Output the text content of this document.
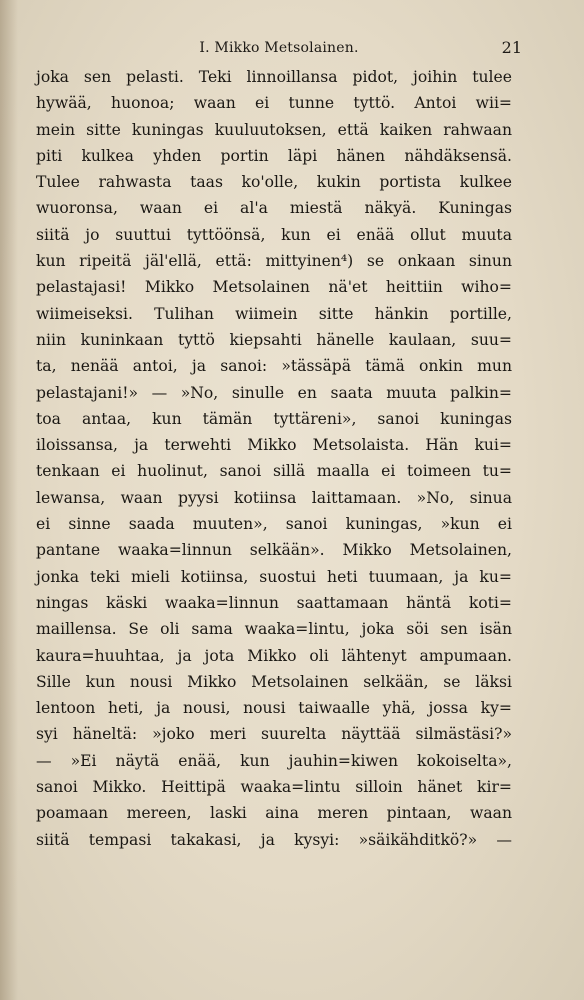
I. Mikko Metsolainen.	21
joka sen pelasti. Teki linnoillansa pidot, joihin tulee
hywää, huonoa; waan ei tunne tyttö. Antoi wii=
mein sitte kuningas kuuluutoksen, että kaiken rahwaan
piti kulkea yhden portin läpi hänen nähdäksensä.
Tulee rahwasta taas ko'olle, kukin portista kulkee
wuoronsa, waan ei al'a miestä näkyä. Kuningas
siitä jo suuttui tyttöönsä, kun ei enää ollut muuta
kun ripeitä jäl'ellä, että: mittyinen⁴) se onkaan sinun
pelastajasi! Mikko Metsolainen nä'et heittiin wiho=
wiimeiseksi. Tulihan wiimein sitte hänkin portille,
niin kuninkaan tyttö kiepsahti hänelle kaulaan, suu=
ta, nenää antoi, ja sanoi: »tässäpä tämä onkin mun
pelastajani!» — »No, sinulle en saata muuta palkin=
toa antaa, kun tämän tyttäreni», sanoi kuningas
iloissansa, ja terwehti Mikko Metsolaista. Hän kui=
tenkaan ei huolinut, sanoi sillä maalla ei toimeen tu=
lewansa, waan pyysi kotiinsa laittamaan. »No, sinua
ei sinne saada muuten», sanoi kuningas, »kun ei
pantane waaka=linnun selkään». Mikko Metsolainen,
jonka teki mieli kotiinsa, suostui heti tuumaan, ja ku=
ningas käski waaka=linnun saattamaan häntä koti=
maillensa. Se oli sama waaka=lintu, joka söi sen isän
kaura=huuhtaa, ja jota Mikko oli lähtenyt ampumaan.
Sille kun nousi Mikko Metsolainen selkään, se läksi
lentoon heti, ja nousi, nousi taiwaalle yhä, jossa ky=
syi häneltä: »joko meri suurelta näyttää silmästäsi?»
— »Ei näytä enää, kun jauhin=kiwen kokoiselta»,
sanoi Mikko. Heittipä waaka=lintu silloin hänet kir=
poamaan mereen, laski aina meren pintaan, waan
siitä tempasi takakasi, ja kysyi: »säikähditkö?» —
